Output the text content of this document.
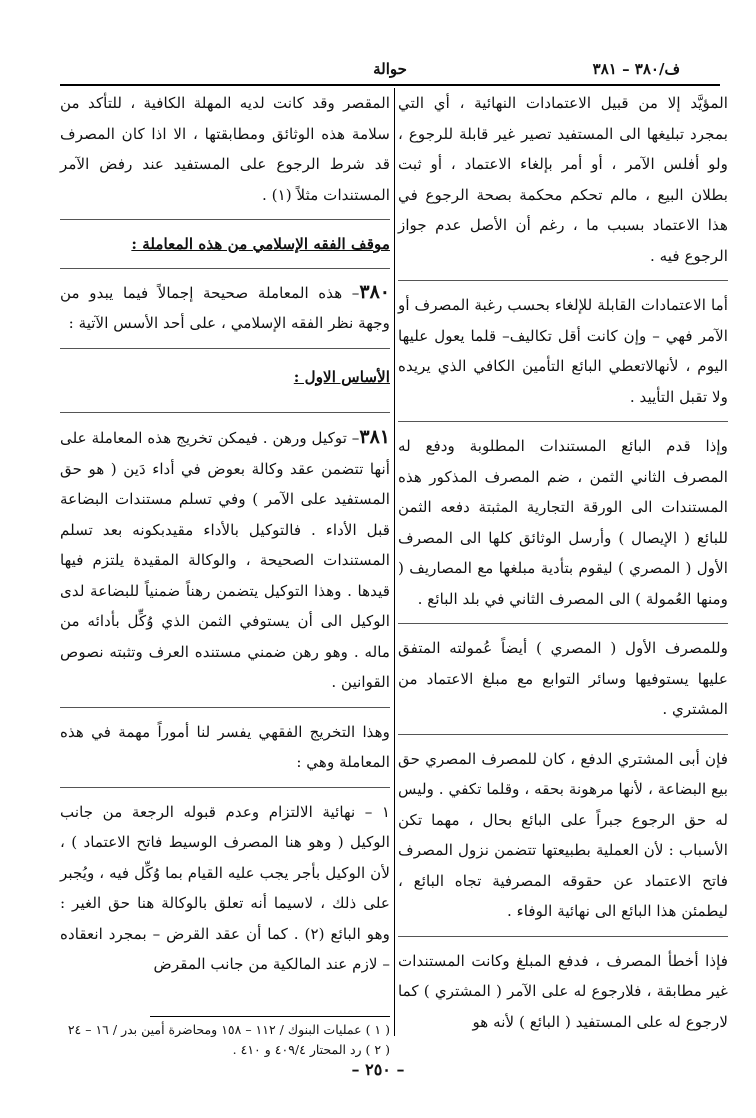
ف/٣٨٠ – ٣٨١
حوالة

المؤيَّد إلا من قبيل الاعتمادات النهائية ، أي التي بمجرد تبليغها الى المستفيد تصير غير قابلة للرجوع ، ولو أفلس الآمر ، أو أمر بإلغاء الاعتماد ، أو ثبت بطلان البيع ، مالم تحكم محكمة بصحة الرجوع في هذا الاعتماد بسبب ما ، رغم أن الأصل عدم جواز الرجوع فيه .

أما الاعتمادات القابلة للإلغاء بحسب رغبة المصرف أو الآمر فهي – وإن كانت أقل تكاليف– قلما يعول عليها اليوم ، لأنهالاتعطي البائع التأمين الكافي الذي يريده ولا تقبل التأييد .

وإذا قدم البائع المستندات المطلوبة ودفع له المصرف الثاني الثمن ، ضم المصرف المذكور هذه المستندات الى الورقة التجارية المثبتة دفعه الثمن للبائع ( الإيصال ) وأرسل الوثائق كلها الى المصرف الأول ( المصري ) ليقوم بتأدية مبلغها مع المصاريف ( ومنها العُمولة ) الى المصرف الثاني في بلد البائع .

وللمصرف الأول ( المصري ) أيضاً عُمولته المتفق عليها يستوفيها وسائر التوابع مع مبلغ الاعتماد من المشتري .

فإن أبى المشتري الدفع ، كان للمصرف المصري حق بيع البضاعة ، لأنها مرهونة بحقه ، وقلما تكفي . وليس له حق الرجوع جبراً على البائع بحال ، مهما تكن الأسباب : لأن العملية بطبيعتها تتضمن نزول المصرف فاتح الاعتماد عن حقوقه المصرفية تجاه البائع ، ليطمئن هذا البائع الى نهائية الوفاء .

فإذا أخطأ المصرف ، فدفع المبلغ وكانت المستندات غير مطابقة ، فلارجوع له على الآمر ( المشتري ) كما لارجوع له على المستفيد ( البائع ) لأنه هو

المقصر وقد كانت لديه المهلة الكافية ، للتأكد من سلامة هذه الوثائق ومطابقتها ، الا اذا كان المصرف قد شرط الرجوع على المستفيد عند رفض الآمر المستندات مثلاً (١) .

موقف الفقه الإسلامي من هذه المعاملة :

٣٨٠– هذه المعاملة صحيحة إجمالاً فيما يبدو من وجهة نظر الفقه الإسلامي ، على أحد الأسس الآتية :

الأساس الاول :

٣٨١– توكيل ورهن . فيمكن تخريج هذه المعاملة على أنها تتضمن عقد وكالة بعوض في أداء دَين ( هو حق المستفيد على الآمر ) وفي تسلم مستندات البضاعة قبل الأداء . فالتوكيل بالأداء مقيدبكونه بعد تسلم المستندات الصحيحة ، والوكالة المقيدة يلتزم فيها قيدها . وهذا التوكيل يتضمن رهناً ضمنياً للبضاعة لدى الوكيل الى أن يستوفي الثمن الذي وُكِّل بأدائه من ماله . وهو رهن ضمني مستنده العرف وتثبته نصوص القوانين .

وهذا التخريج الفقهي يفسر لنا أموراً مهمة في هذه المعاملة وهي :

١ – نهائية الالتزام وعدم قبوله الرجعة من جانب الوكيل ( وهو هنا المصرف الوسيط فاتح الاعتماد ) ، لأن الوكيل بأجر يجب عليه القيام بما وُكِّل فيه ، ويُجبر على ذلك ، لاسيما أنه تعلق بالوكالة هنا حق الغير : وهو البائع (٢) . كما أن عقد القرض – بمجرد انعقاده – لازم عند المالكية من جانب المقرض

( ١ ) عمليات البنوك / ١١٢ – ١٥٨ ومحاضرة أمين بدر / ١٦ – ٢٤
( ٢ ) رد المحتار ٤٠٩/٤ و ٤١٠ .
– ٢٥٠ –
